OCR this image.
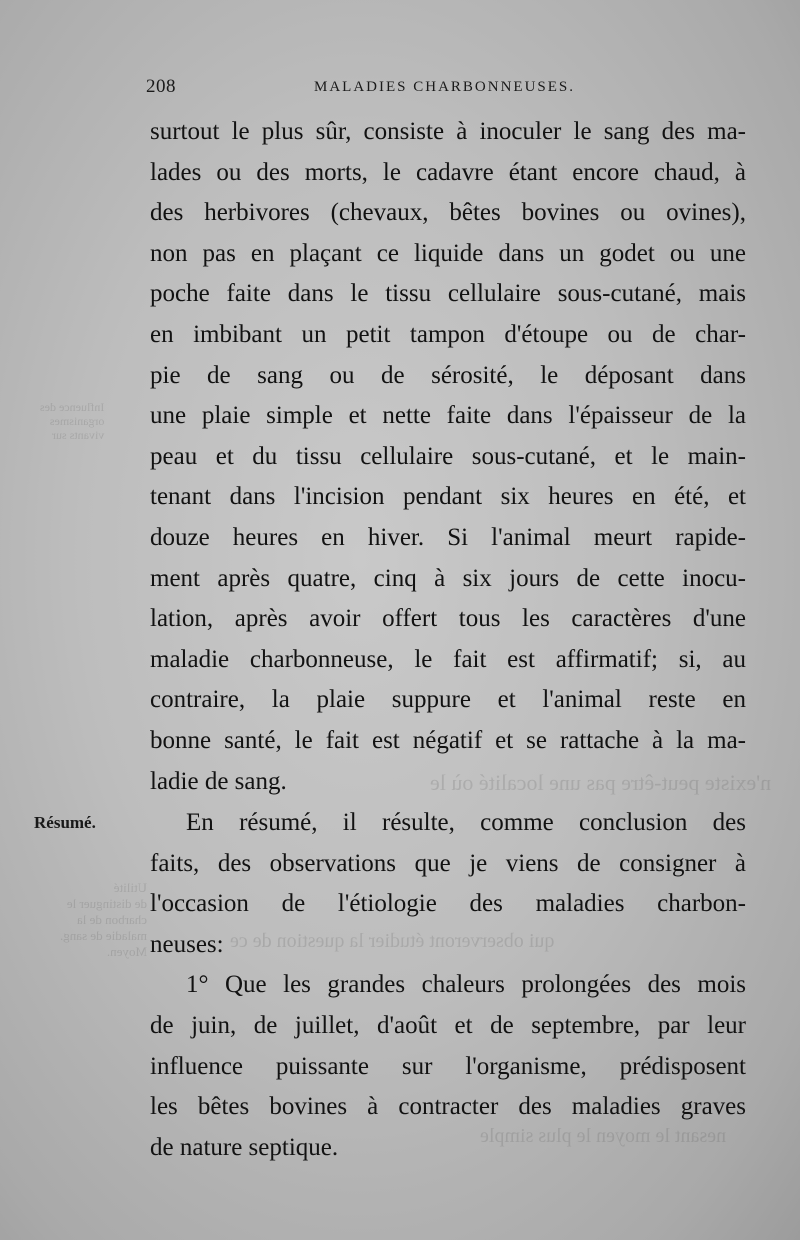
n'existe peut-être pas une localité où le
Utilité
de distinguer le
charbon de la
maladie de sang.
Moyen.	qui observeront étudier la question de ce
Influence des
organismes
vivants sur
nesant le moyen le plus simple
208	MALADIES CHARBONNEUSES.
surtout le plus sûr, consiste à inoculer le sang des ma-
lades ou des morts, le cadavre étant encore chaud, à
des herbivores (chevaux, bêtes bovines ou ovines),
non pas en plaçant ce liquide dans un godet ou une
poche faite dans le tissu cellulaire sous-cutané, mais
en imbibant un petit tampon d'étoupe ou de char-
pie de sang ou de sérosité, le déposant dans
une plaie simple et nette faite dans l'épaisseur de la
peau et du tissu cellulaire sous-cutané, et le main-
tenant dans l'incision pendant six heures en été, et
douze heures en hiver. Si l'animal meurt rapide-
ment après quatre, cinq à six jours de cette inocu-
lation, après avoir offert tous les caractères d'une
maladie charbonneuse, le fait est affirmatif; si, au
contraire, la plaie suppure et l'animal reste en
bonne santé, le fait est négatif et se rattache à la ma-
ladie de sang.
Résumé.	En résumé, il résulte, comme conclusion des
faits, des observations que je viens de consigner à
l'occasion de l'étiologie des maladies charbon-
neuses:
1° Que les grandes chaleurs prolongées des mois
de juin, de juillet, d'août et de septembre, par leur
influence puissante sur l'organisme, prédisposent
les bêtes bovines à contracter des maladies graves
de nature septique.
